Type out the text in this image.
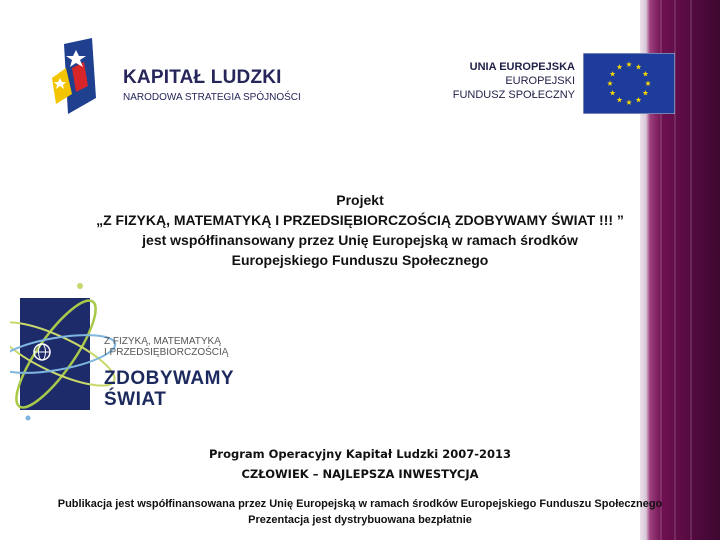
KAPITAŁ LUDZKI
NARODOWA STRATEGIA SPÓJNOŚCI
UNIA EUROPEJSKA
EUROPEJSKI
FUNDUSZ SPOŁECZNY
Projekt
„Z FIZYKĄ, MATEMATYKĄ I PRZEDSIĘBIORCZOŚCIĄ ZDOBYWAMY ŚWIAT !!! ”
jest współfinansowany przez Unię Europejską w ramach środków
Europejskiego Funduszu Społecznego
Z FIZYKĄ, MATEMATYKĄ
I PRZEDSIĘBIORCZOŚCIĄ
ZDOBYWAMY
ŚWIAT
Program Operacyjny Kapitał Ludzki 2007-2013
CZŁOWIEK – NAJLEPSZA INWESTYCJA
Publikacja jest współfinansowana przez Unię Europejską w ramach środków Europejskiego Funduszu Społecznego
Prezentacja jest dystrybuowana bezpłatnie
